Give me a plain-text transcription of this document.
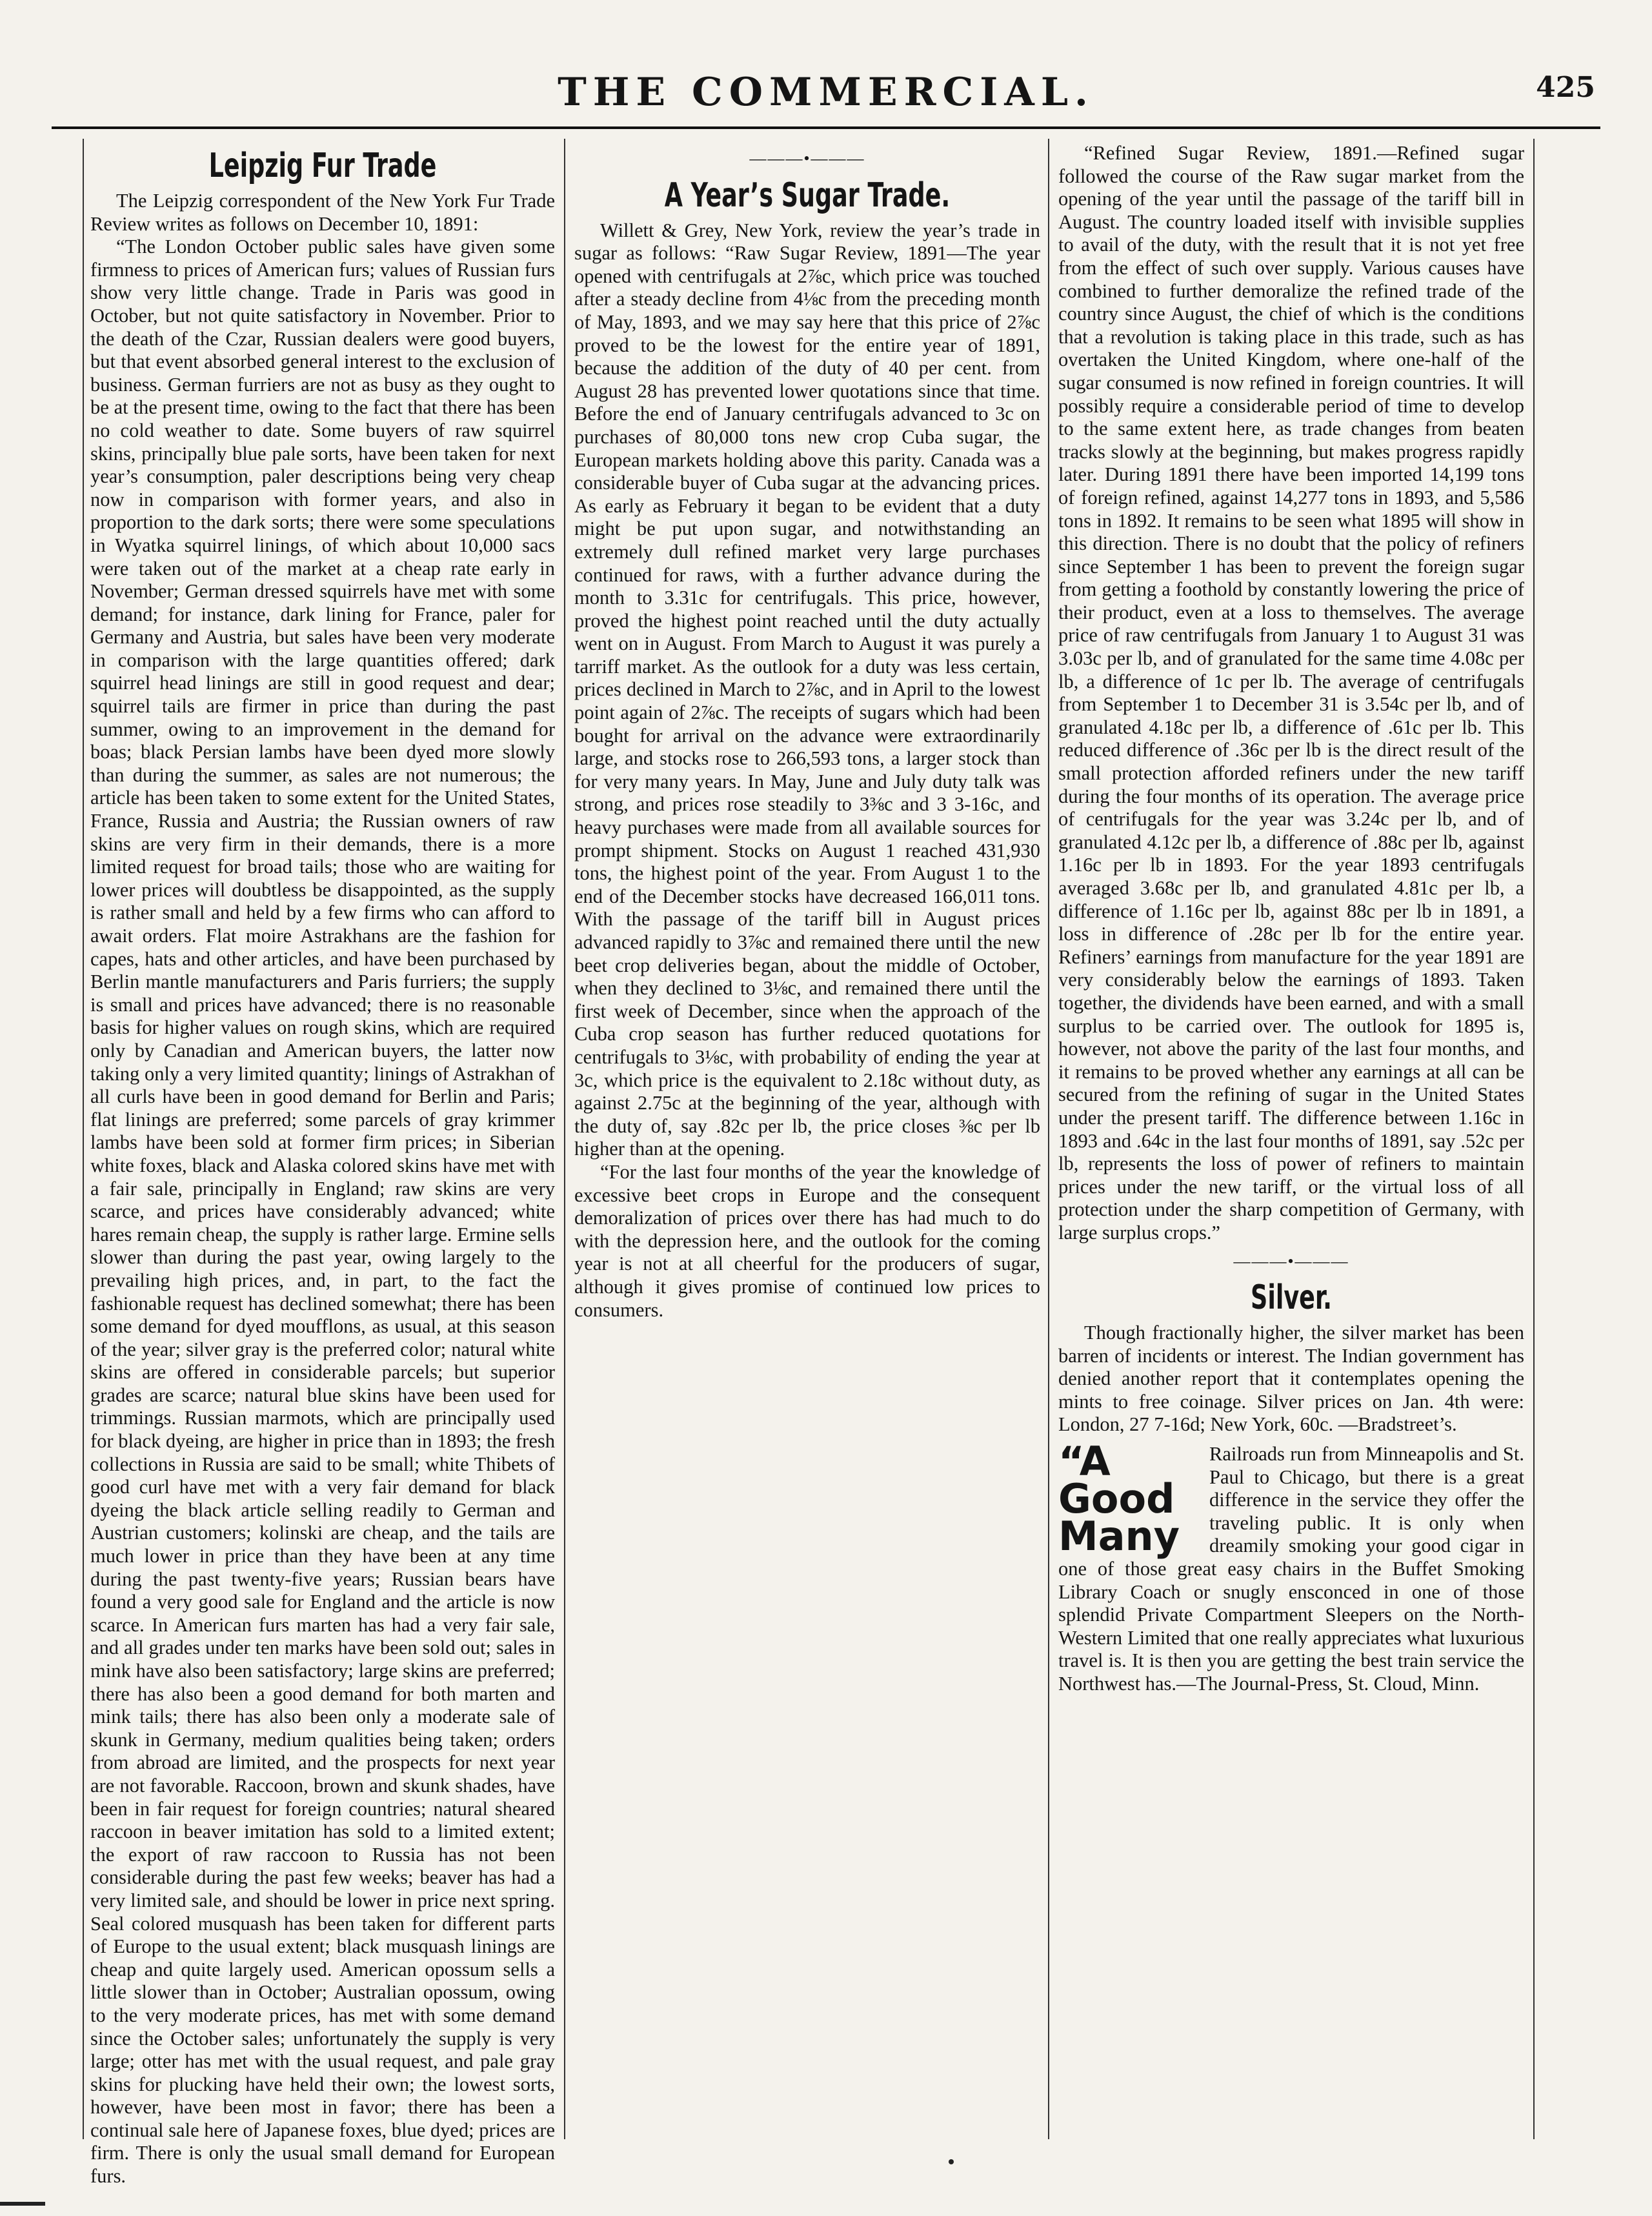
THE COMMERCIAL.	425
Leipzig Fur Trade

The Leipzig correspondent of the New York Fur Trade Review writes as follows on December 10, 1891:

“The London October public sales have given some firmness to prices of American furs; values of Russian furs show very little change. Trade in Paris was good in October, but not quite satisfactory in November. Prior to the death of the Czar, Russian dealers were good buyers, but that event absorbed general interest to the exclusion of business. German furriers are not as busy as they ought to be at the present time, owing to the fact that there has been no cold weather to date. Some buyers of raw squirrel skins, principally blue pale sorts, have been taken for next year’s consumption, paler descriptions being very cheap now in comparison with former years, and also in proportion to the dark sorts; there were some speculations in Wyatka squirrel linings, of which about 10,000 sacs were taken out of the market at a cheap rate early in November; German dressed squirrels have met with some demand; for instance, dark lining for France, paler for Germany and Austria, but sales have been very moderate in comparison with the large quantities offered; dark squirrel head linings are still in good request and dear; squirrel tails are firmer in price than during the past summer, owing to an improvement in the demand for boas; black Persian lambs have been dyed more slowly than during the summer, as sales are not numerous; the article has been taken to some extent for the United States, France, Russia and Austria; the Russian owners of raw skins are very firm in their demands, there is a more limited request for broad tails; those who are waiting for lower prices will doubtless be disappointed, as the supply is rather small and held by a few firms who can afford to await orders. Flat moire Astrakhans are the fashion for capes, hats and other articles, and have been purchased by Berlin mantle manufacturers and Paris furriers; the supply is small and prices have advanced; there is no reasonable basis for higher values on rough skins, which are required only by Canadian and American buyers, the latter now taking only a very limited quantity; linings of Astrakhan of all curls have been in good demand for Berlin and Paris; flat linings are preferred; some parcels of gray krimmer lambs have been sold at former firm prices; in Siberian white foxes, black and Alaska colored skins have met with a fair sale, principally in England; raw skins are very scarce, and prices have considerably advanced; white hares remain cheap, the supply is rather large. Ermine sells slower than during the past year, owing largely to the prevailing high prices, and, in part, to the fact the fashionable request has declined somewhat; there has been some demand for dyed moufflons, as usual, at this season of the year; silver gray is the preferred color; natural white skins are offered in considerable parcels; but superior grades are scarce; natural blue skins have been used for trimmings. Russian marmots, which are principally used for black dyeing, are higher in price than in 1893; the fresh collections in Russia are said to be small; white Thibets of good curl have met with a very fair demand for black dyeing the black article selling readily to German and Austrian customers; kolinski are cheap, and the tails are much lower in price than they have been at any time during the past twenty-five years; Russian bears have found a very good sale for England and the article is now scarce. In American furs marten has had a very fair sale, and all grades under ten marks have been sold out; sales in mink have also been satisfactory; large skins are preferred; there has also been a good demand for both marten and mink tails; there has also been only a moderate sale of skunk in Germany, medium qualities being taken; orders from abroad are limited, and the prospects for next year are not favorable. Raccoon, brown and skunk shades, have been in fair request for foreign countries; natural sheared raccoon in beaver imitation has sold to a limited extent; the export of raw raccoon to Russia has not been considerable during the past few weeks; beaver has had a very limited sale, and should be lower in price next spring. Seal colored musquash has been taken for different parts of Europe to the usual extent; black musquash linings are cheap and quite largely used. American opossum sells a little slower than in October; Australian opossum, owing to the very moderate prices, has met with some demand since the October sales; unfortunately the supply is very large; otter has met with the usual request, and pale gray skins for plucking have held their own; the lowest sorts, however, have been most in favor; there has been a continual sale here of Japanese foxes, blue dyed; prices are firm. There is only the usual small demand for European furs.

———•———
A Year’s Sugar Trade.

Willett & Grey, New York, review the year’s trade in sugar as follows: “Raw Sugar Review, 1891—The year opened with centrifugals at 2⅞c, which price was touched after a steady decline from 4⅛c from the preceding month of May, 1893, and we may say here that this price of 2⅞c proved to be the lowest for the entire year of 1891, because the addition of the duty of 40 per cent. from August 28 has prevented lower quotations since that time. Before the end of January centrifugals advanced to 3c on purchases of 80,000 tons new crop Cuba sugar, the European markets holding above this parity. Canada was a considerable buyer of Cuba sugar at the advancing prices. As early as February it began to be evident that a duty might be put upon sugar, and notwithstanding an extremely dull refined market very large purchases continued for raws, with a further advance during the month to 3.31c for centrifugals. This price, however, proved the highest point reached until the duty actually went on in August. From March to August it was purely a tarriff market. As the outlook for a duty was less certain, prices declined in March to 2⅞c, and in April to the lowest point again of 2⅞c. The receipts of sugars which had been bought for arrival on the advance were extraordinarily large, and stocks rose to 266,593 tons, a larger stock than for very many years. In May, June and July duty talk was strong, and prices rose steadily to 3⅜c and 3 3-16c, and heavy purchases were made from all available sources for prompt shipment. Stocks on August 1 reached 431,930 tons, the highest point of the year. From August 1 to the end of the December stocks have decreased 166,011 tons. With the passage of the tariff bill in August prices advanced rapidly to 3⅞c and remained there until the new beet crop deliveries began, about the middle of October, when they declined to 3⅛c, and remained there until the first week of December, since when the approach of the Cuba crop season has further reduced quotations for centrifugals to 3⅛c, with probability of ending the year at 3c, which price is the equivalent to 2.18c without duty, as against 2.75c at the beginning of the year, although with the duty of, say .82c per lb, the price closes ⅜c per lb higher than at the opening.

“For the last four months of the year the knowledge of excessive beet crops in Europe and the consequent demoralization of prices over there has had much to do with the depression here, and the outlook for the coming year is not at all cheerful for the producers of sugar, although it gives promise of continued low prices to consumers.

“Refined Sugar Review, 1891.—Refined sugar followed the course of the Raw sugar market from the opening of the year until the passage of the tariff bill in August. The country loaded itself with invisible supplies to avail of the duty, with the result that it is not yet free from the effect of such over supply. Various causes have combined to further demoralize the refined trade of the country since August, the chief of which is the conditions that a revolution is taking place in this trade, such as has overtaken the United Kingdom, where one-half of the sugar consumed is now refined in foreign countries. It will possibly require a considerable period of time to develop to the same extent here, as trade changes from beaten tracks slowly at the beginning, but makes progress rapidly later. During 1891 there have been imported 14,199 tons of foreign refined, against 14,277 tons in 1893, and 5,586 tons in 1892. It remains to be seen what 1895 will show in this direction. There is no doubt that the policy of refiners since September 1 has been to prevent the foreign sugar from getting a foothold by constantly lowering the price of their product, even at a loss to themselves. The average price of raw centrifugals from January 1 to August 31 was 3.03c per lb, and of granulated for the same time 4.08c per lb, a difference of 1c per lb. The average of centrifugals from September 1 to December 31 is 3.54c per lb, and of granulated 4.18c per lb, a difference of .61c per lb. This reduced difference of .36c per lb is the direct result of the small protection afforded refiners under the new tariff during the four months of its operation. The average price of centrifugals for the year was 3.24c per lb, and of granulated 4.12c per lb, a difference of .88c per lb, against 1.16c per lb in 1893. For the year 1893 centrifugals averaged 3.68c per lb, and granulated 4.81c per lb, a difference of 1.16c per lb, against 88c per lb in 1891, a loss in difference of .28c per lb for the entire year. Refiners’ earnings from manufacture for the year 1891 are very considerably below the earnings of 1893. Taken together, the dividends have been earned, and with a small surplus to be carried over. The outlook for 1895 is, however, not above the parity of the last four months, and it remains to be proved whether any earnings at all can be secured from the refining of sugar in the United States under the present tariff. The difference between 1.16c in 1893 and .64c in the last four months of 1891, say .52c per lb, represents the loss of power of refiners to maintain prices under the new tariff, or the virtual loss of all protection under the sharp competition of Germany, with large surplus crops.”

———•———
Silver.

Though fractionally higher, the silver market has been barren of incidents or interest. The Indian government has denied another report that it contemplates opening the mints to free coinage. Silver prices on Jan. 4th were: London, 27 7-16d; New York, 60c. —Bradstreet’s.

“A Good Many

Railroads run from Minneapolis and St. Paul to Chicago, but there is a great difference in the service they offer the traveling public. It is only when dreamily smoking your good cigar in one of those great easy chairs in the Buffet Smoking Library Coach or snugly ensconced in one of those splendid Private Compartment Sleepers on the North-Western Limited that one really appreciates what luxurious travel is. It is then you are getting the best train service the Northwest has.—The Journal-Press, St. Cloud, Minn.
